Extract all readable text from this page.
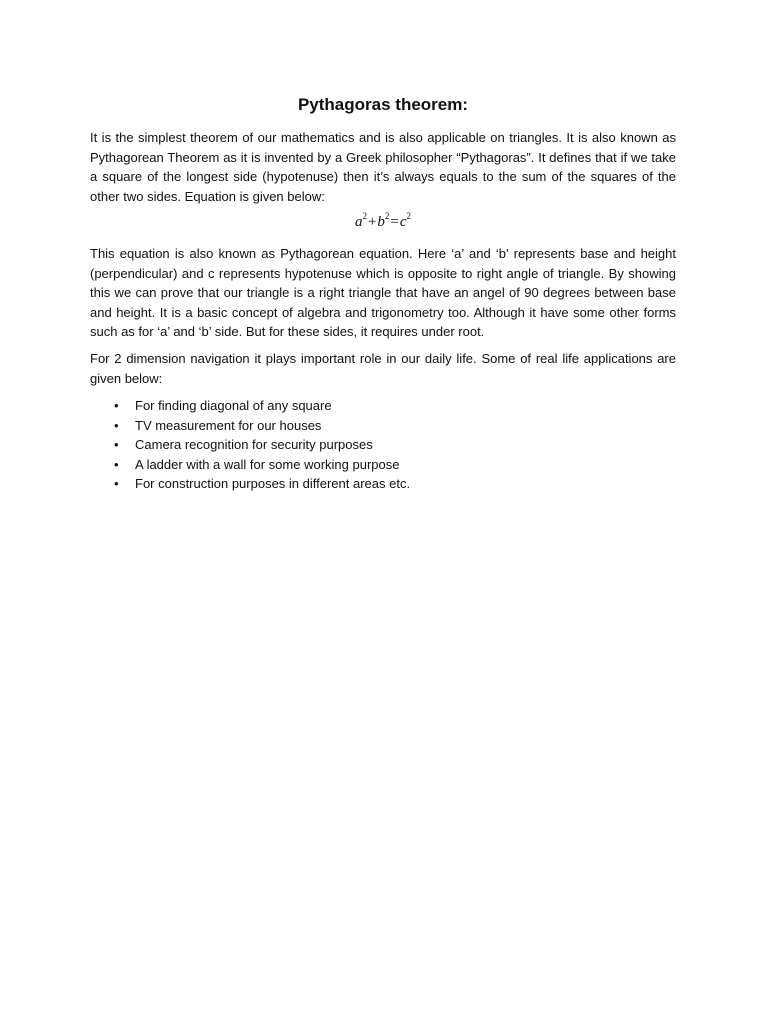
Pythagoras theorem:

It is the simplest theorem of our mathematics and is also applicable on triangles. It is also known as Pythagorean Theorem as it is invented by a Greek philosopher “Pythagoras”. It defines that if we take a square of the longest side (hypotenuse) then it’s always equals to the sum of the squares of the other two sides. Equation is given below:

$a^2+b^2=c^2$

This equation is also known as Pythagorean equation. Here ‘a’ and ‘b’ represents base and height (perpendicular) and c represents hypotenuse which is opposite to right angle of triangle. By showing this we can prove that our triangle is a right triangle that have an angel of 90 degrees between base and height. It is a basic concept of algebra and trigonometry too. Although it have some other forms such as for ‘a’ and ‘b’ side. But for these sides, it requires under root.

For 2 dimension navigation it plays important role in our daily life. Some of real life applications are given below:

• For finding diagonal of any square
• TV measurement for our houses
• Camera recognition for security purposes
• A ladder with a wall for some working purpose
• For construction purposes in different areas etc.
